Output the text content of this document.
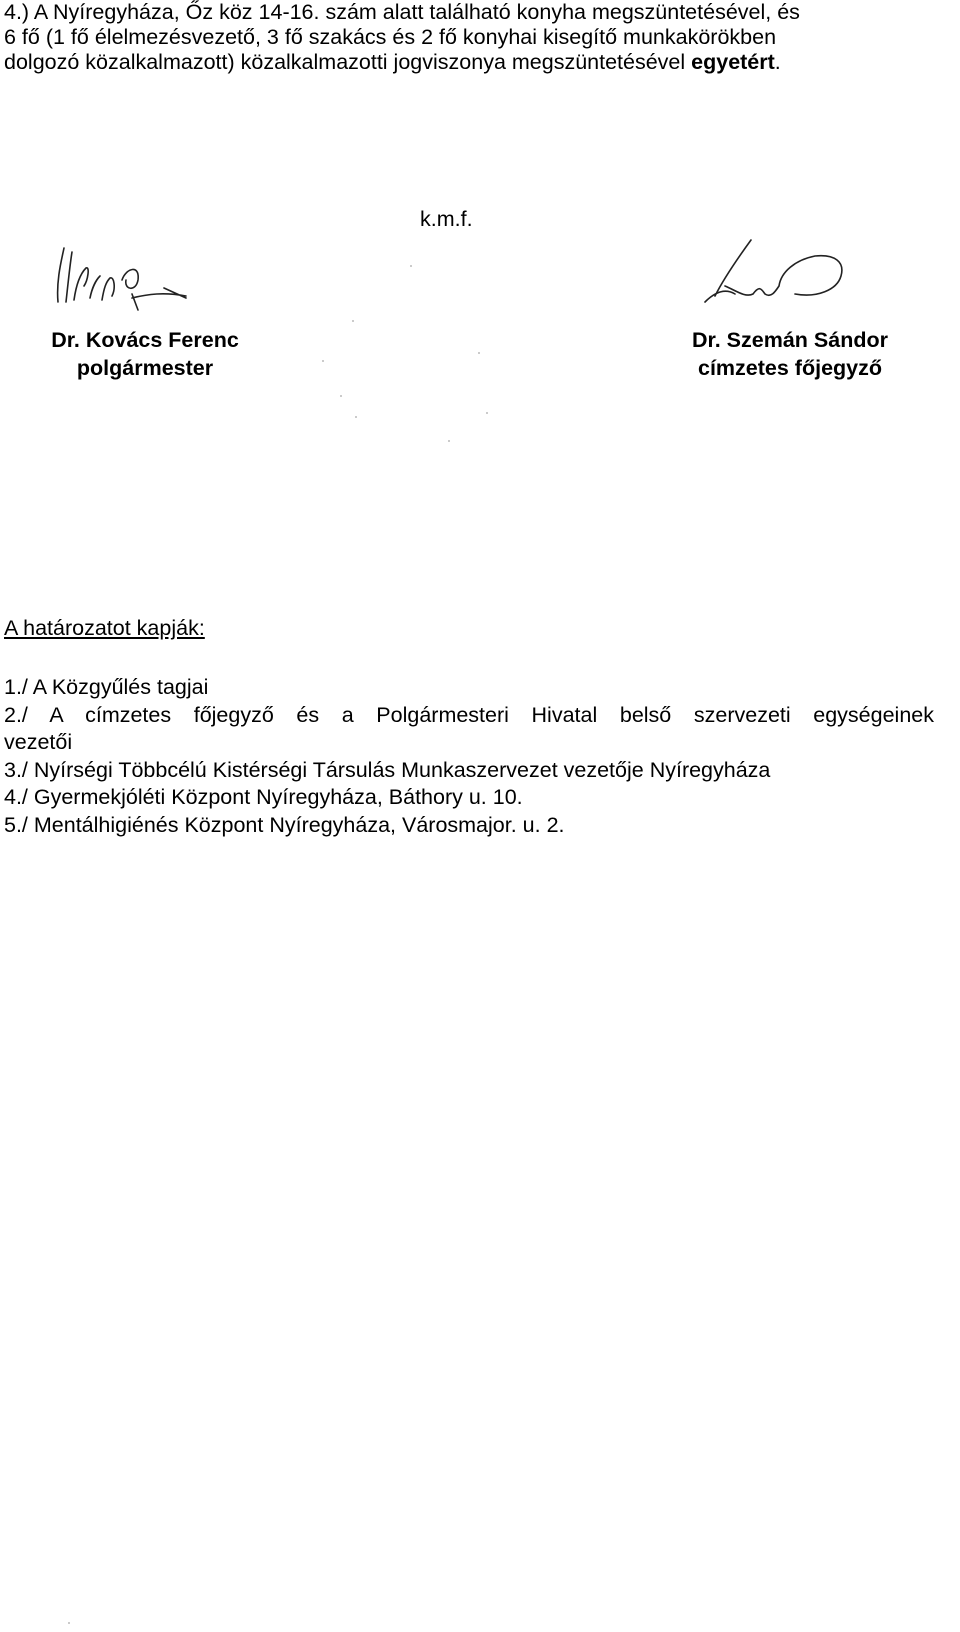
4.) A Nyíregyháza, Őz köz 14-16. szám alatt található konyha megszüntetésével, és
6 fő (1 fő élelmezésvezető, 3 fő szakács és 2 fő konyhai kisegítő munkakörökben
dolgozó közalkalmazott) közalkalmazotti jogviszonya megszüntetésével egyetért.
k.m.f.
Dr. Kovács Ferenc
polgármester
Dr. Szemán Sándor
címzetes főjegyző
A határozatot kapják:
1./ A Közgyűlés tagjai
2./ A címzetes főjegyző és a Polgármesteri Hivatal belső szervezeti egységeinek
vezetői
3./ Nyírségi Többcélú Kistérségi Társulás Munkaszervezet vezetője Nyíregyháza
4./ Gyermekjóléti Központ Nyíregyháza, Báthory u. 10.
5./ Mentálhigiénés Központ Nyíregyháza, Városmajor. u. 2.
